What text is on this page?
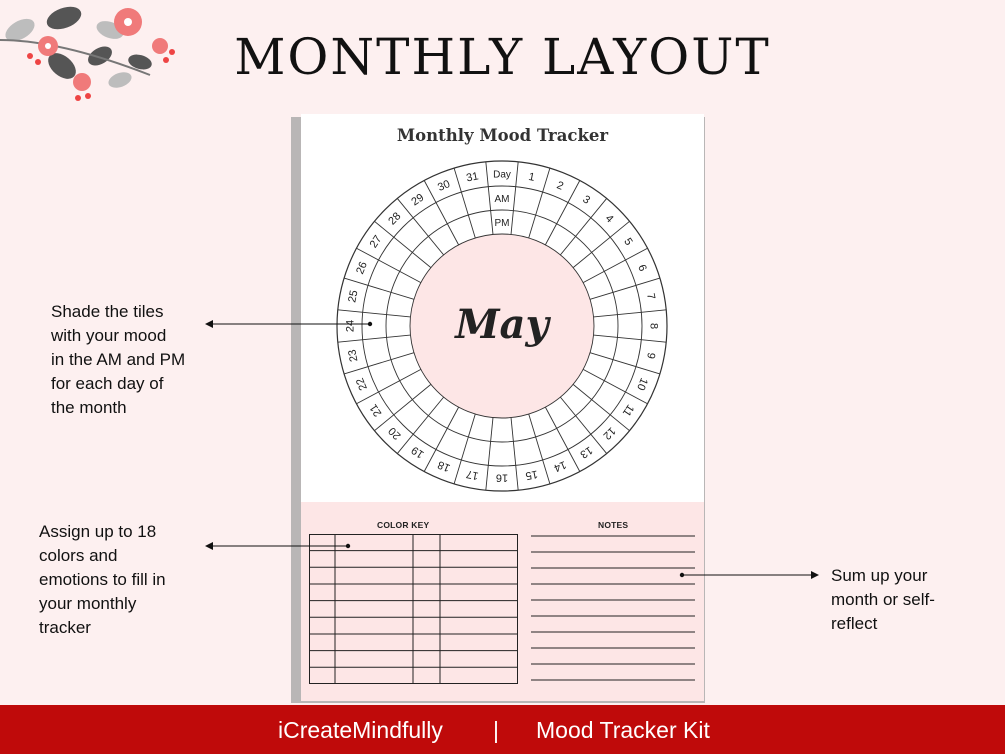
MONTHLY LAYOUT
Monthly Mood Tracker
Day
AM
PM
1
2
3
4
5
6
7
8
9
10
11
12
13
14
15
16
17
18
19
20
21
22
23
24
25
26
27
28
29
30
31
May
COLOR KEY	NOTES
Shade the tiles
with your mood
in the AM and PM
for each day of
the month
Assign up to 18
colors and
emotions to fill in
your monthly
tracker
Sum up your
month or self-
reflect
iCreateMindfully | Mood Tracker Kit
